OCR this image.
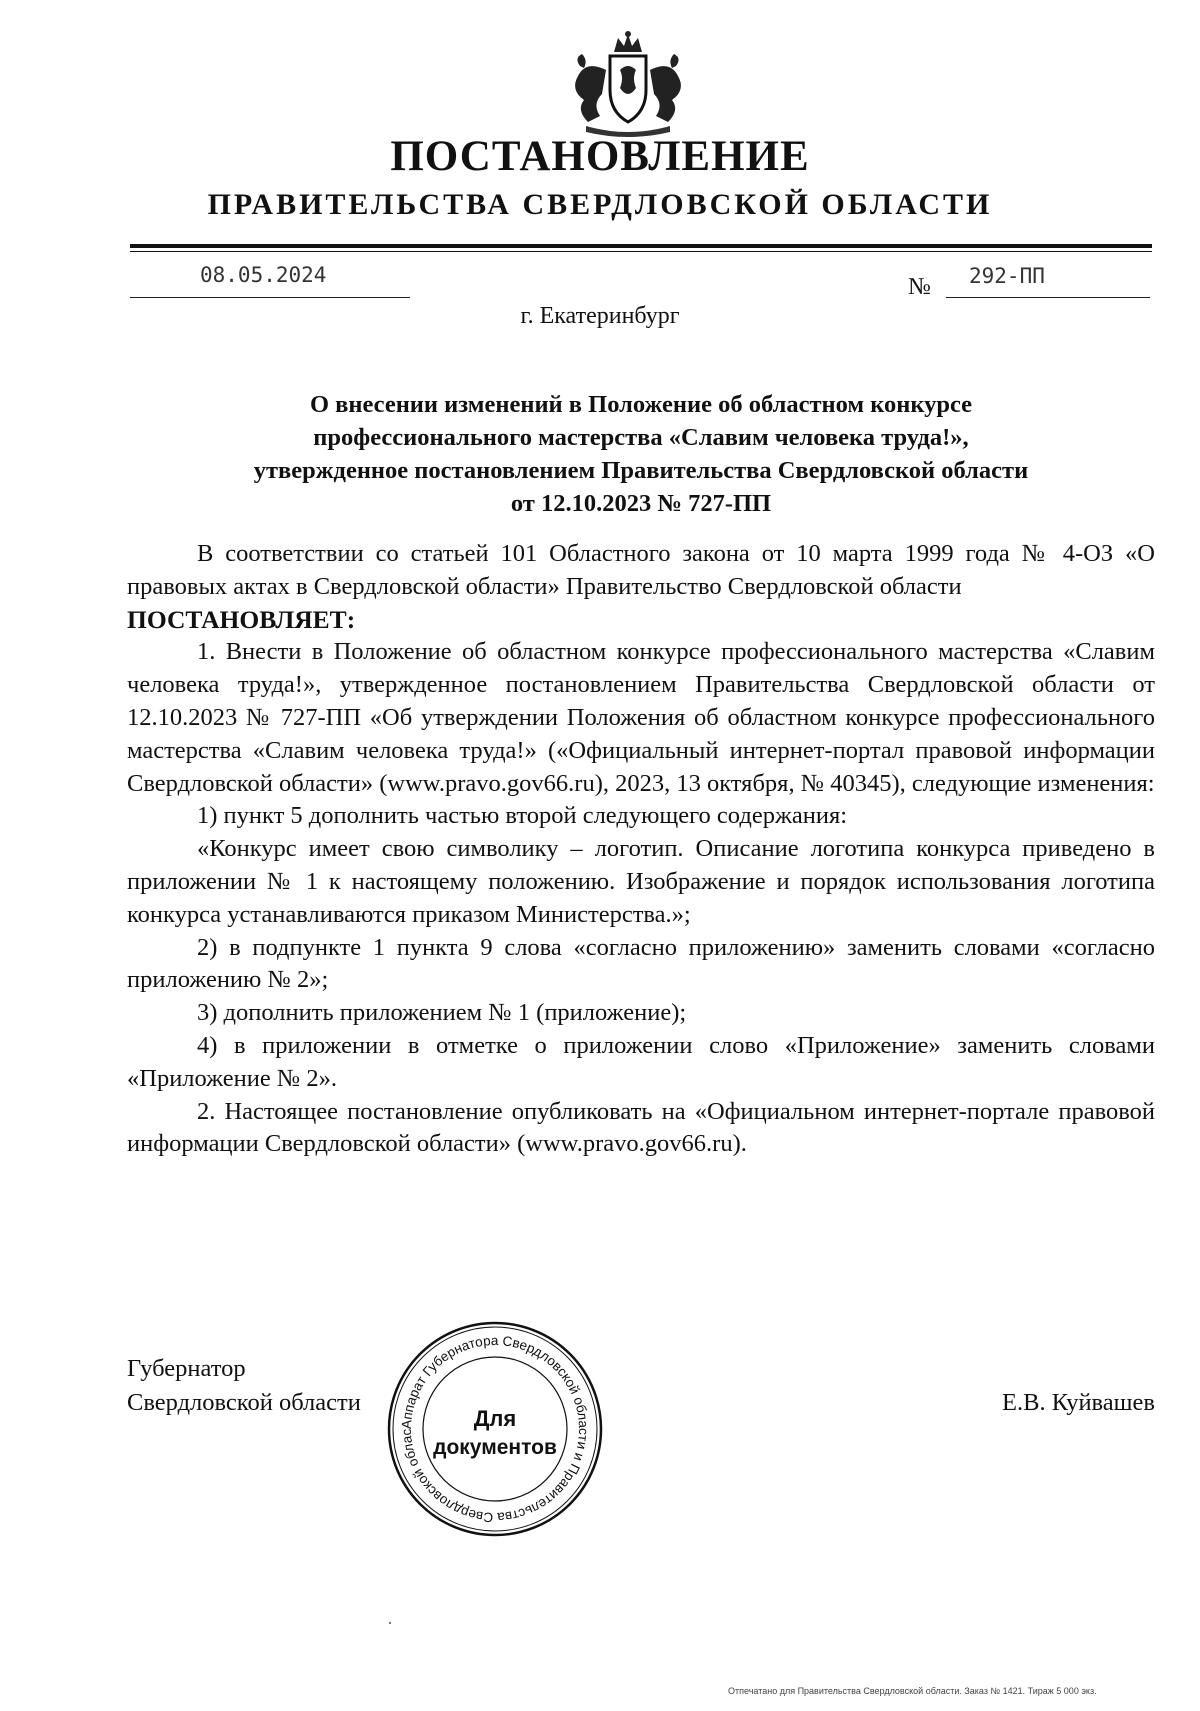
ПОСТАНОВЛЕНИЕ
ПРАВИТЕЛЬСТВА СВЕРДЛОВСКОЙ ОБЛАСТИ
08.05.2024	№ 292-ПП
г. Екатеринбург
О внесении изменений в Положение об областном конкурсе
профессионального мастерства «Славим человека труда!»,
утвержденное постановлением Правительства Свердловской области
от 12.10.2023 № 727-ПП
В соответствии со статьей 101 Областного закона от 10 марта 1999 года № 4-ОЗ «О правовых актах в Свердловской области» Правительство Свердловской области
ПОСТАНОВЛЯЕТ:
1. Внести в Положение об областном конкурсе профессионального мастерства «Славим человека труда!», утвержденное постановлением Правительства Свердловской области от 12.10.2023 № 727-ПП «Об утверждении Положения об областном конкурсе профессионального мастерства «Славим человека труда!» («Официальный интернет-портал правовой информации Свердловской области» (www.pravo.gov66.ru), 2023, 13 октября, № 40345), следующие изменения:
1) пункт 5 дополнить частью второй следующего содержания:
«Конкурс имеет свою символику – логотип. Описание логотипа конкурса приведено в приложении № 1 к настоящему положению. Изображение и порядок использования логотипа конкурса устанавливаются приказом Министерства.»;
2) в подпункте 1 пункта 9 слова «согласно приложению» заменить словами «согласно приложению № 2»;
3) дополнить приложением № 1 (приложение);
4) в приложении в отметке о приложении слово «Приложение» заменить словами «Приложение № 2».
2. Настоящее постановление опубликовать на «Официальном интернет-портале правовой информации Свердловской области» (www.pravo.gov66.ru).
Губернатор
Свердловской области	Е.В. Куйвашев
Аппарат Губернатора Свердловской области и Правительства Свердловской облас
Для
документов
Отпечатано для Правительства Свердловской области. Заказ № 1421. Тираж 5 000 экз.
